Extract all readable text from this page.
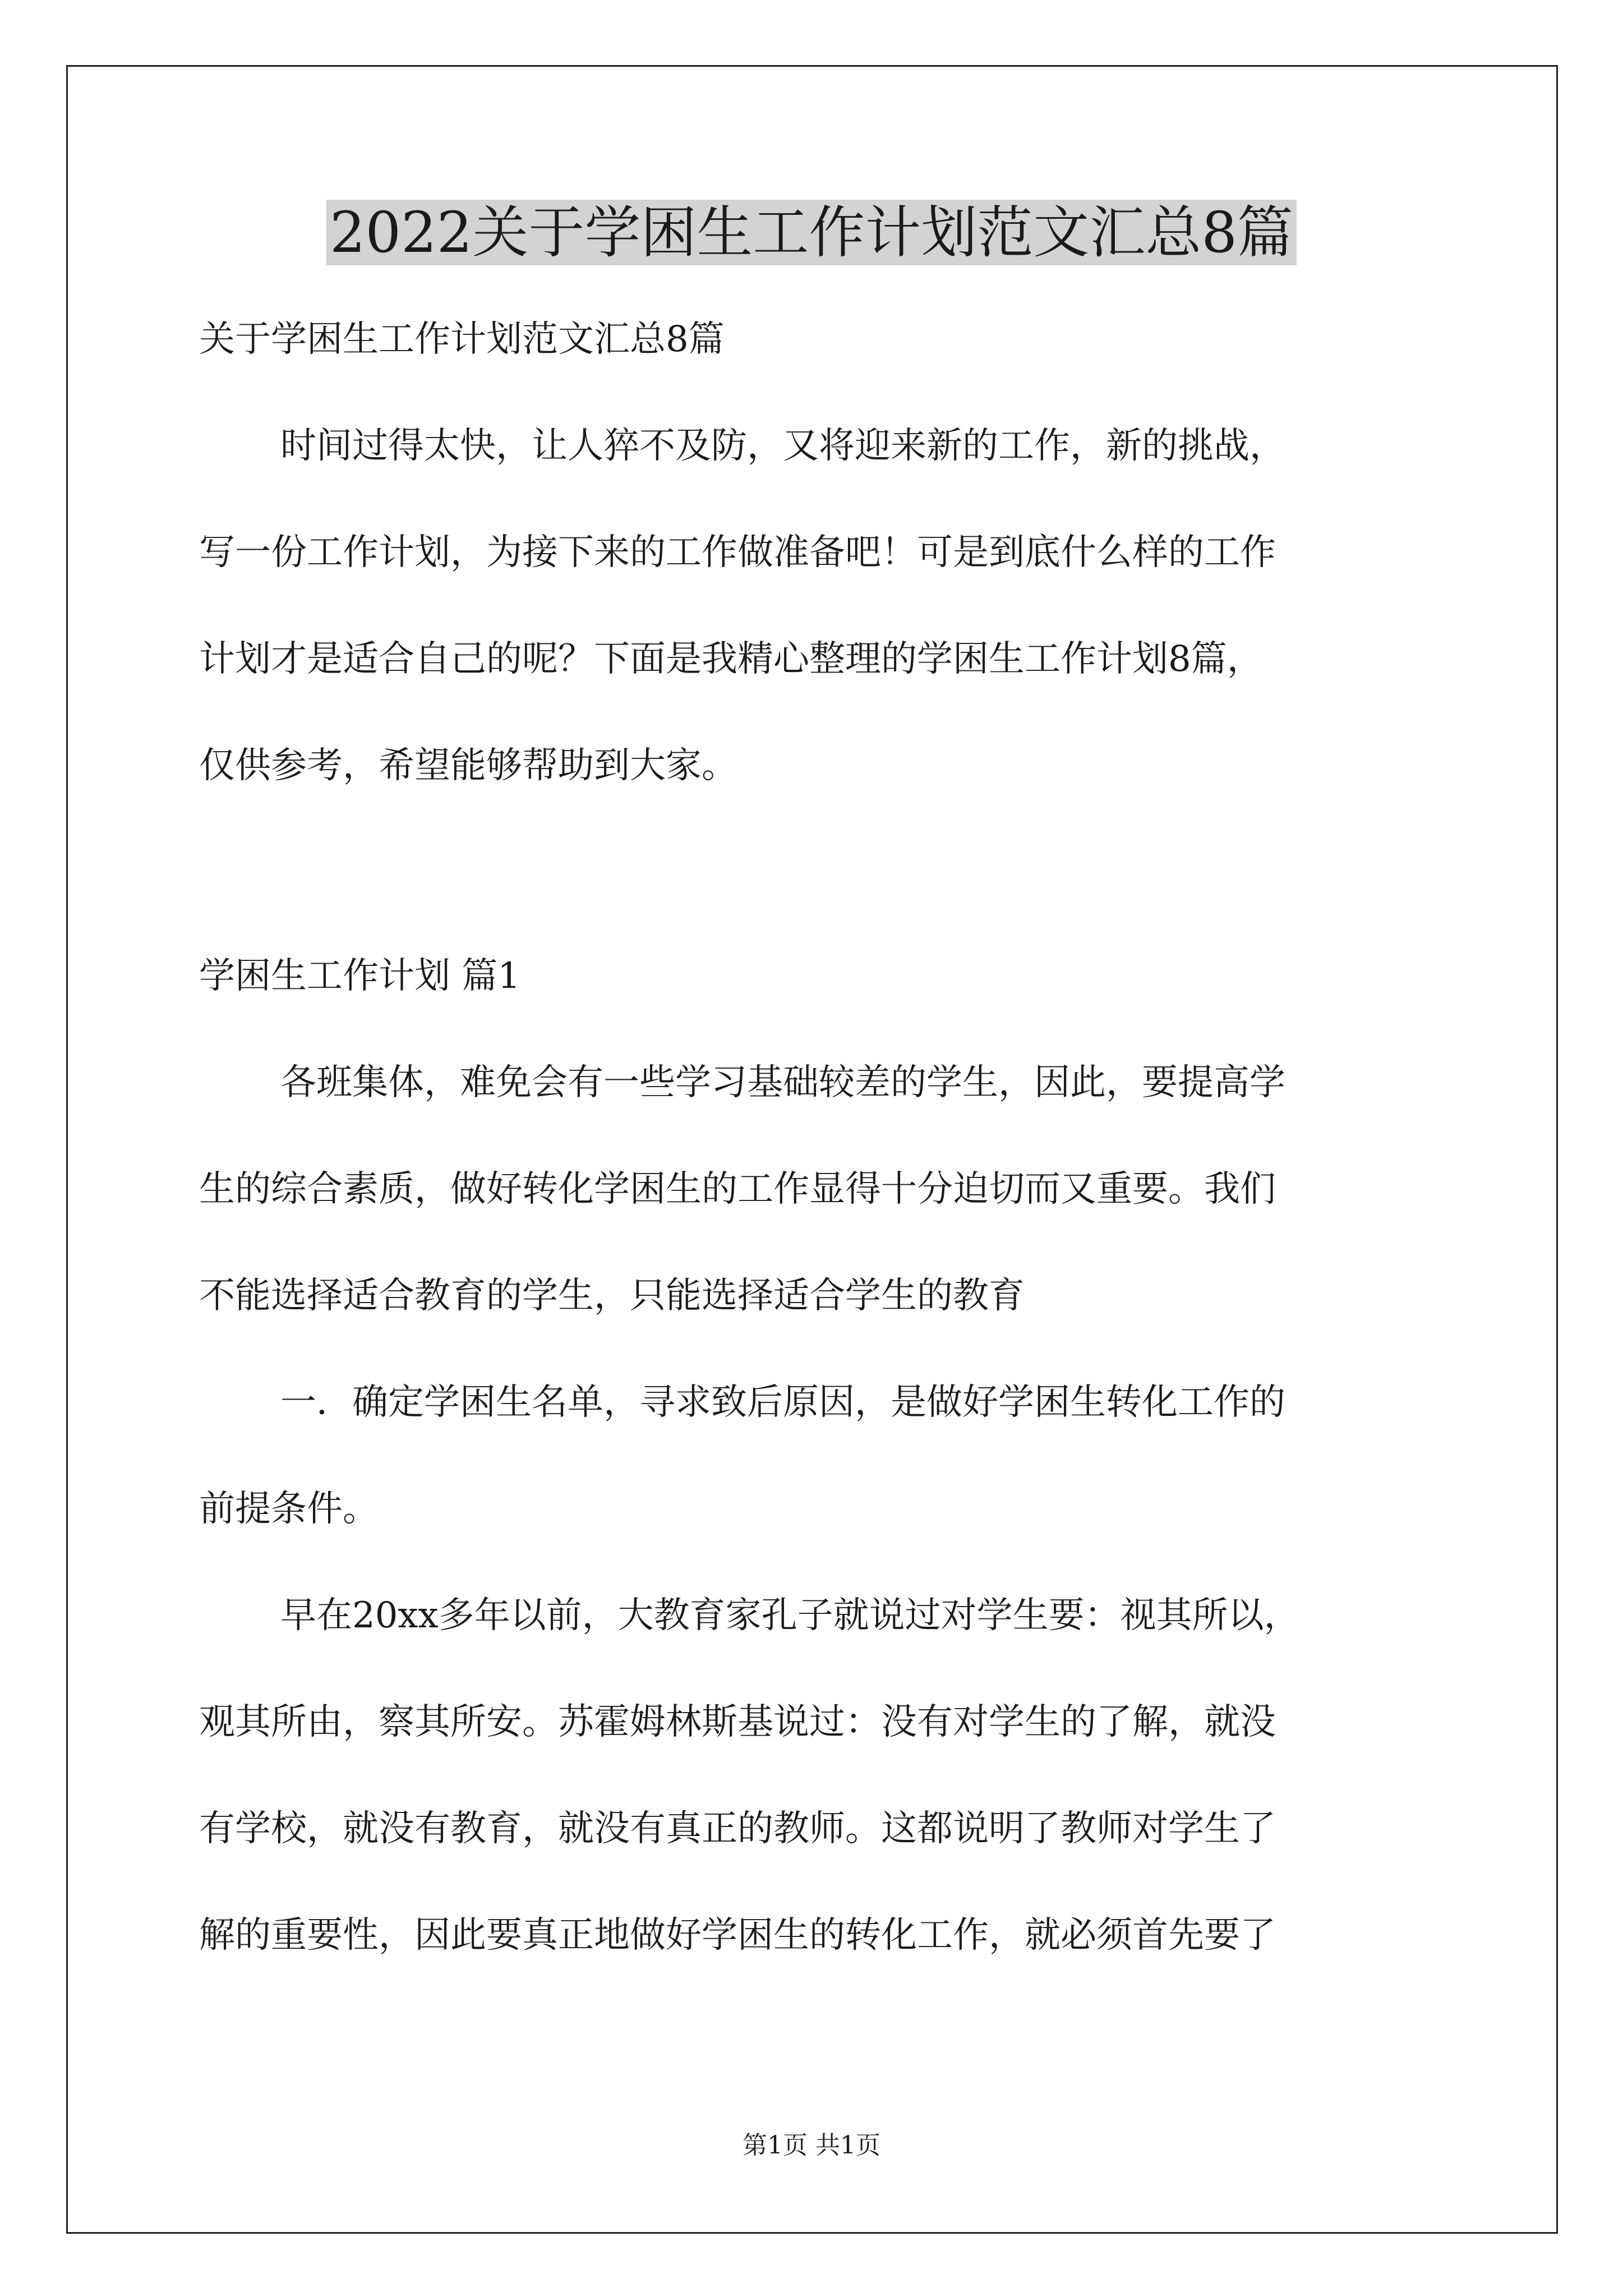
2022关于学困生工作计划范文汇总8篇
关于学困生工作计划范文汇总8篇
时间过得太快，让人猝不及防，又将迎来新的工作，新的挑战，
写一份工作计划，为接下来的工作做准备吧！可是到底什么样的工作
计划才是适合自己的呢？下面是我精心整理的学困生工作计划8篇，
仅供参考，希望能够帮助到大家。
学困生工作计划 篇1
各班集体，难免会有一些学习基础较差的学生，因此，要提高学
生的综合素质，做好转化学困生的工作显得十分迫切而又重要。我们
不能选择适合教育的学生，只能选择适合学生的教育
一．确定学困生名单，寻求致后原因，是做好学困生转化工作的
前提条件。
早在20xx多年以前，大教育家孔子就说过对学生要：视其所以，
观其所由，察其所安。苏霍姆林斯基说过：没有对学生的了解，就没
有学校，就没有教育，就没有真正的教师。这都说明了教师对学生了
解的重要性，因此要真正地做好学困生的转化工作，就必须首先要了
第1页 共1页
